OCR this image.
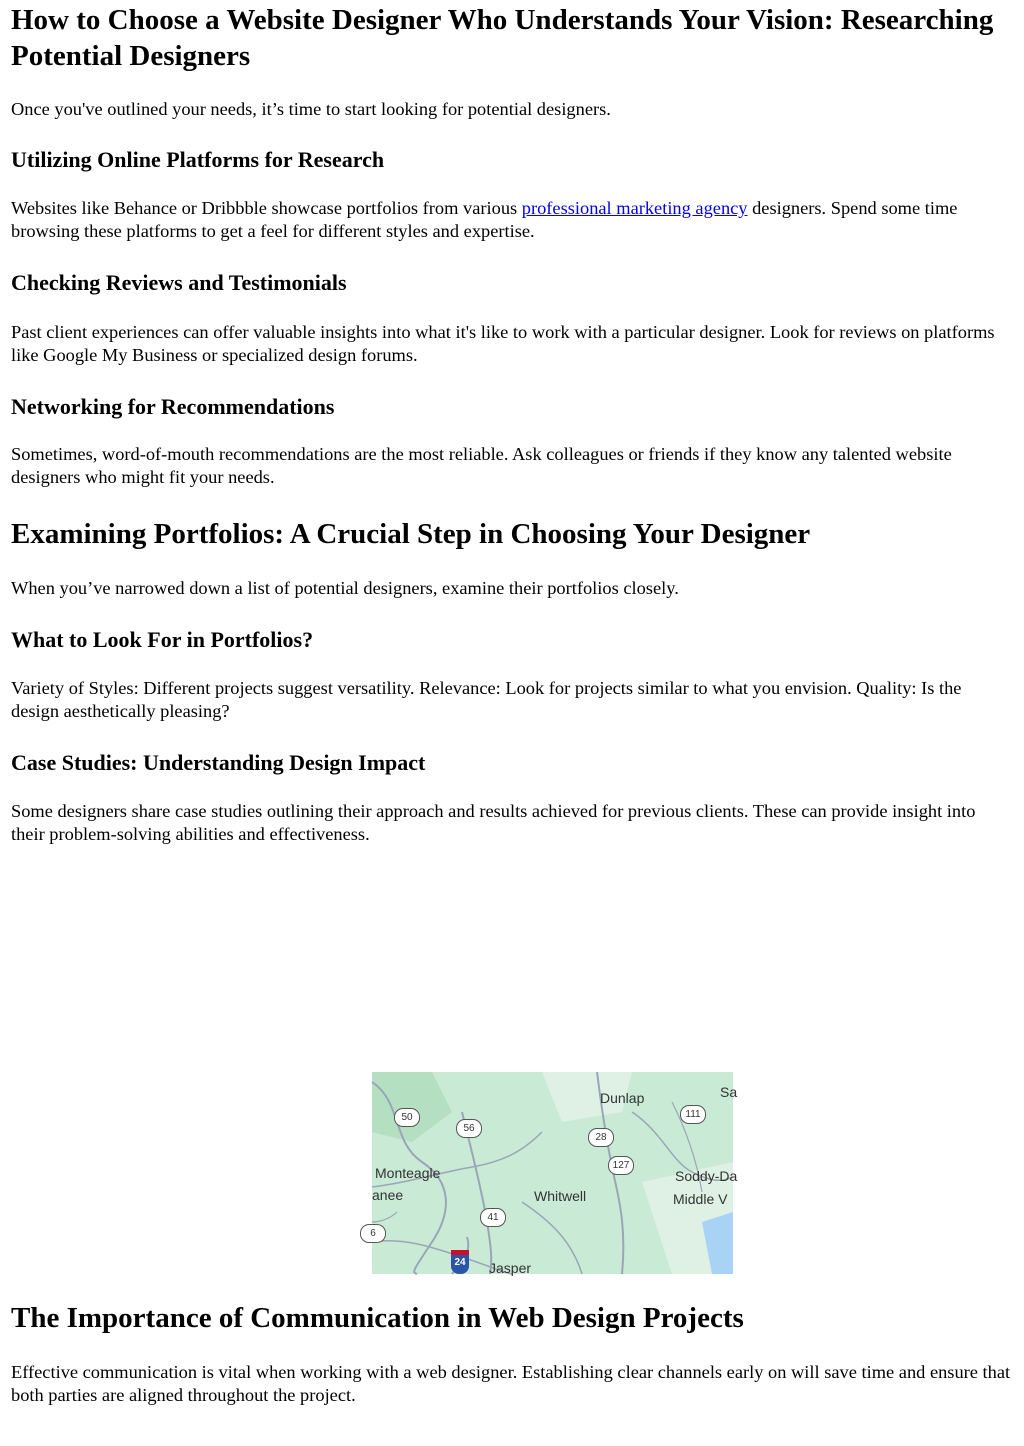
How to Choose a Website Designer Who Understands Your Vision: Researching Potential Designers

Once you've outlined your needs, it’s time to start looking for potential designers.

Utilizing Online Platforms for Research

Websites like Behance or Dribbble showcase portfolios from various professional marketing agency designers. Spend some time browsing these platforms to get a feel for different styles and expertise.

Checking Reviews and Testimonials

Past client experiences can offer valuable insights into what it's like to work with a particular designer. Look for reviews on platforms like Google My Business or specialized design forums.

Networking for Recommendations

Sometimes, word-of-mouth recommendations are the most reliable. Ask colleagues or friends if they know any talented website designers who might fit your needs.

Examining Portfolios: A Crucial Step in Choosing Your Designer

When you’ve narrowed down a list of potential designers, examine their portfolios closely.

What to Look For in Portfolios?

Variety of Styles: Different projects suggest versatility. Relevance: Look for projects similar to what you envision. Quality: Is the design aesthetically pleasing?

Case Studies: Understanding Design Impact

Some designers share case studies outlining their approach and results achieved for previous clients. These can provide insight into their problem-solving abilities and effectiveness.

50
56
111
28
127
41
24
6
Dunlap
Monteagle
anee	Whitwell
Soddy-Da
Middle V
Jasper
Sa
The Importance of Communication in Web Design Projects

Effective communication is vital when working with a web designer. Establishing clear channels early on will save time and ensure that both parties are aligned throughout the project.
